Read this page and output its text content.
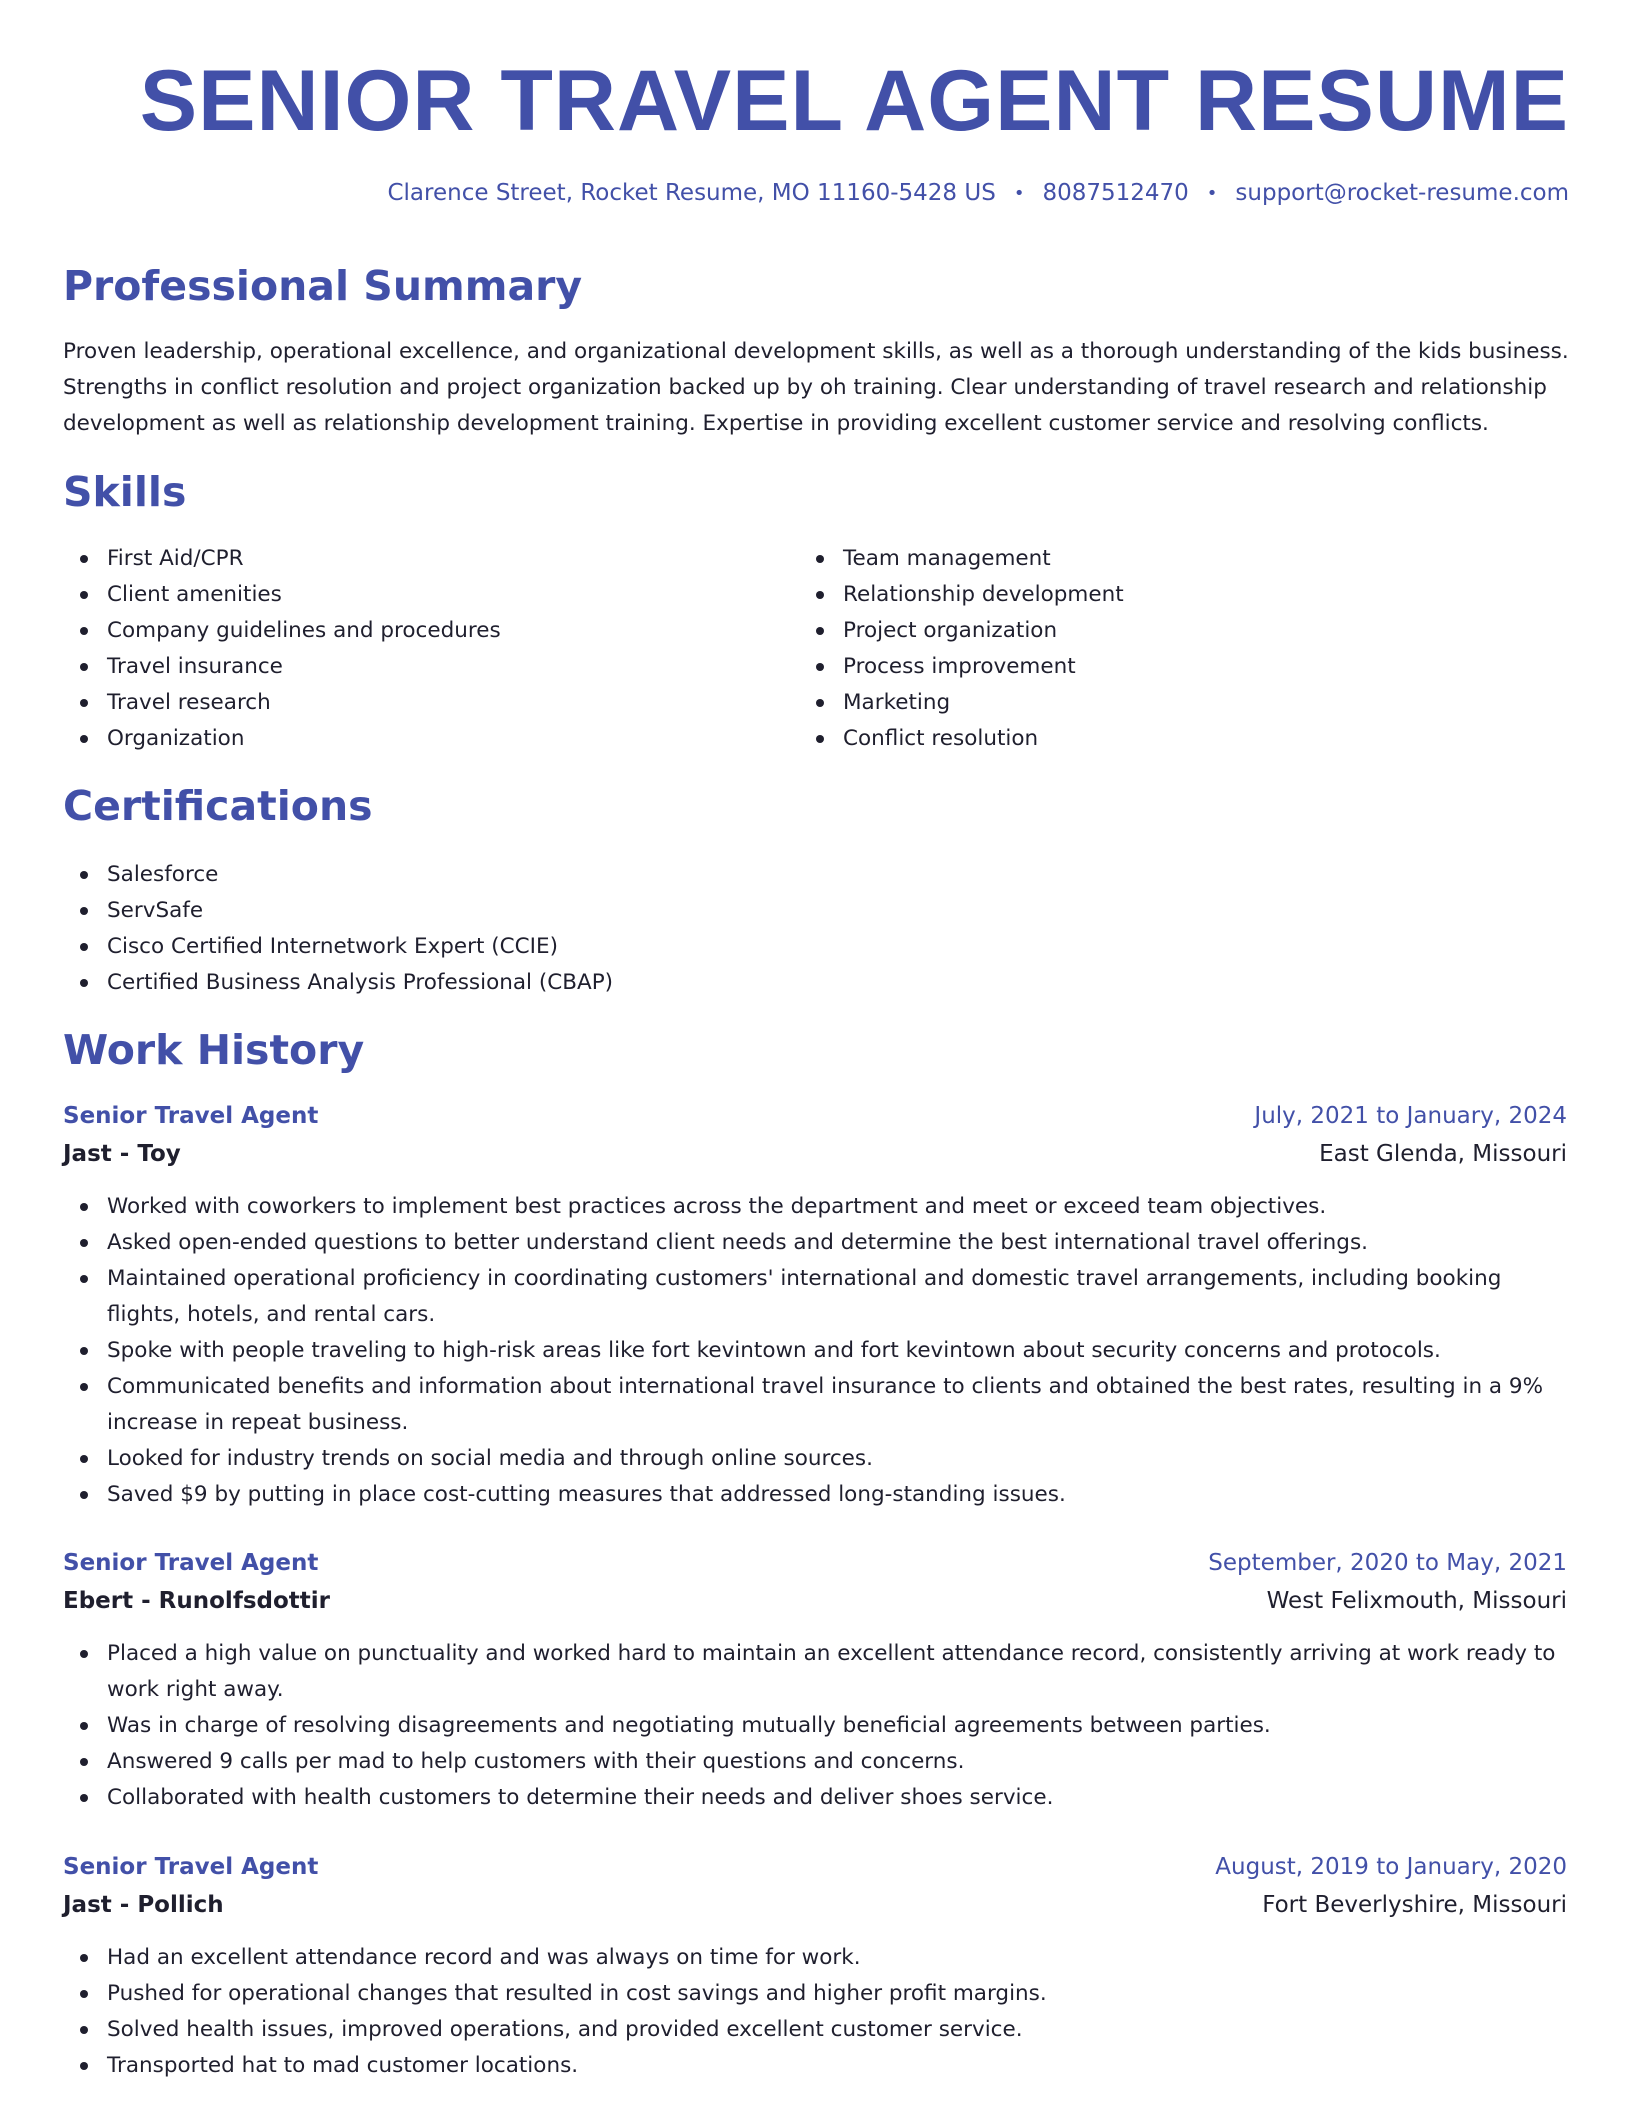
SENIOR TRAVEL AGENT RESUME
Clarence Street, Rocket Resume, MO 11160-5428 US • 8087512470 • support@rocket-resume.com
Professional Summary

Proven leadership, operational excellence, and organizational development skills, as well as a thorough understanding of the kids business. Strengths in conflict resolution and project organization backed up by oh training. Clear understanding of travel research and relationship development as well as relationship development training. Expertise in providing excellent customer service and resolving conflicts.

Skills
First Aid/CPR
Client amenities
Company guidelines and procedures
Travel insurance
Travel research
Organization
Team management
Relationship development
Project organization
Process improvement
Marketing
Conflict resolution
Certifications
Salesforce
ServSafe
Cisco Certified Internetwork Expert (CCIE)
Certified Business Analysis Professional (CBAP)
Work History
Senior Travel Agent	July, 2021 to January, 2024
Jast - Toy	East Glenda, Missouri
Worked with coworkers to implement best practices across the department and meet or exceed team objectives.
Asked open-ended questions to better understand client needs and determine the best international travel offerings.
Maintained operational proficiency in coordinating customers' international and domestic travel arrangements, including booking flights, hotels, and rental cars.
Spoke with people traveling to high-risk areas like fort kevintown and fort kevintown about security concerns and protocols.
Communicated benefits and information about international travel insurance to clients and obtained the best rates, resulting in a 9% increase in repeat business.
Looked for industry trends on social media and through online sources.
Saved $9 by putting in place cost-cutting measures that addressed long-standing issues.
Senior Travel Agent	September, 2020 to May, 2021
Ebert - Runolfsdottir	West Felixmouth, Missouri
Placed a high value on punctuality and worked hard to maintain an excellent attendance record, consistently arriving at work ready to work right away.
Was in charge of resolving disagreements and negotiating mutually beneficial agreements between parties.
Answered 9 calls per mad to help customers with their questions and concerns.
Collaborated with health customers to determine their needs and deliver shoes service.
Senior Travel Agent	August, 2019 to January, 2020
Jast - Pollich	Fort Beverlyshire, Missouri
Had an excellent attendance record and was always on time for work.
Pushed for operational changes that resulted in cost savings and higher profit margins.
Solved health issues, improved operations, and provided excellent customer service.
Transported hat to mad customer locations.
